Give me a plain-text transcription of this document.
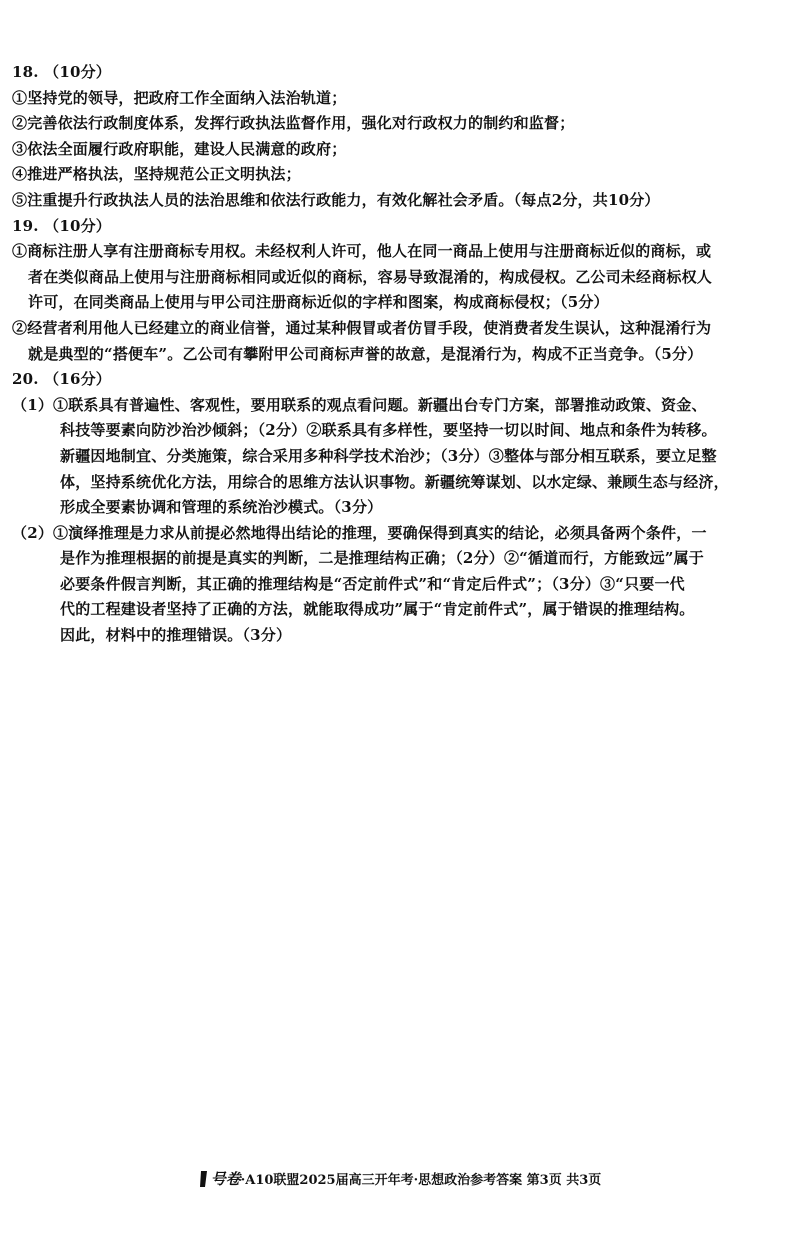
18. （10分）
①坚持党的领导，把政府工作全面纳入法治轨道；
②完善依法行政制度体系，发挥行政执法监督作用，强化对行政权力的制约和监督；
③依法全面履行政府职能，建设人民满意的政府；
④推进严格执法，坚持规范公正文明执法；
⑤注重提升行政执法人员的法治思维和依法行政能力，有效化解社会矛盾。（每点2分，共10分）
19. （10分）
①商标注册人享有注册商标专用权。未经权利人许可，他人在同一商品上使用与注册商标近似的商标，或
者在类似商品上使用与注册商标相同或近似的商标，容易导致混淆的，构成侵权。乙公司未经商标权人
许可，在同类商品上使用与甲公司注册商标近似的字样和图案，构成商标侵权；（5分）
②经营者利用他人已经建立的商业信誉，通过某种假冒或者仿冒手段，使消费者发生误认，这种混淆行为
就是典型的“搭便车”。乙公司有攀附甲公司商标声誉的故意，是混淆行为，构成不正当竞争。（5分）
20. （16分）
（1）①联系具有普遍性、客观性，要用联系的观点看问题。新疆出台专门方案，部署推动政策、资金、
科技等要素向防沙治沙倾斜；（2分）②联系具有多样性，要坚持一切以时间、地点和条件为转移。
新疆因地制宜、分类施策，综合采用多种科学技术治沙；（3分）③整体与部分相互联系，要立足整
体，坚持系统优化方法，用综合的思维方法认识事物。新疆统筹谋划、以水定绿、兼顾生态与经济，
形成全要素协调和管理的系统治沙模式。（3分）
（2）①演绎推理是力求从前提必然地得出结论的推理，要确保得到真实的结论，必须具备两个条件，一
是作为推理根据的前提是真实的判断，二是推理结构正确；（2分）②“循道而行，方能致远”属于
必要条件假言判断，其正确的推理结构是“否定前件式”和“肯定后件式”；（3分）③“只要一代
代的工程建设者坚持了正确的方法，就能取得成功”属于“肯定前件式”，属于错误的推理结构。
因此，材料中的推理错误。（3分）
号卷·A10联盟2025届高三开年考·思想政治参考答案 第3页 共3页
